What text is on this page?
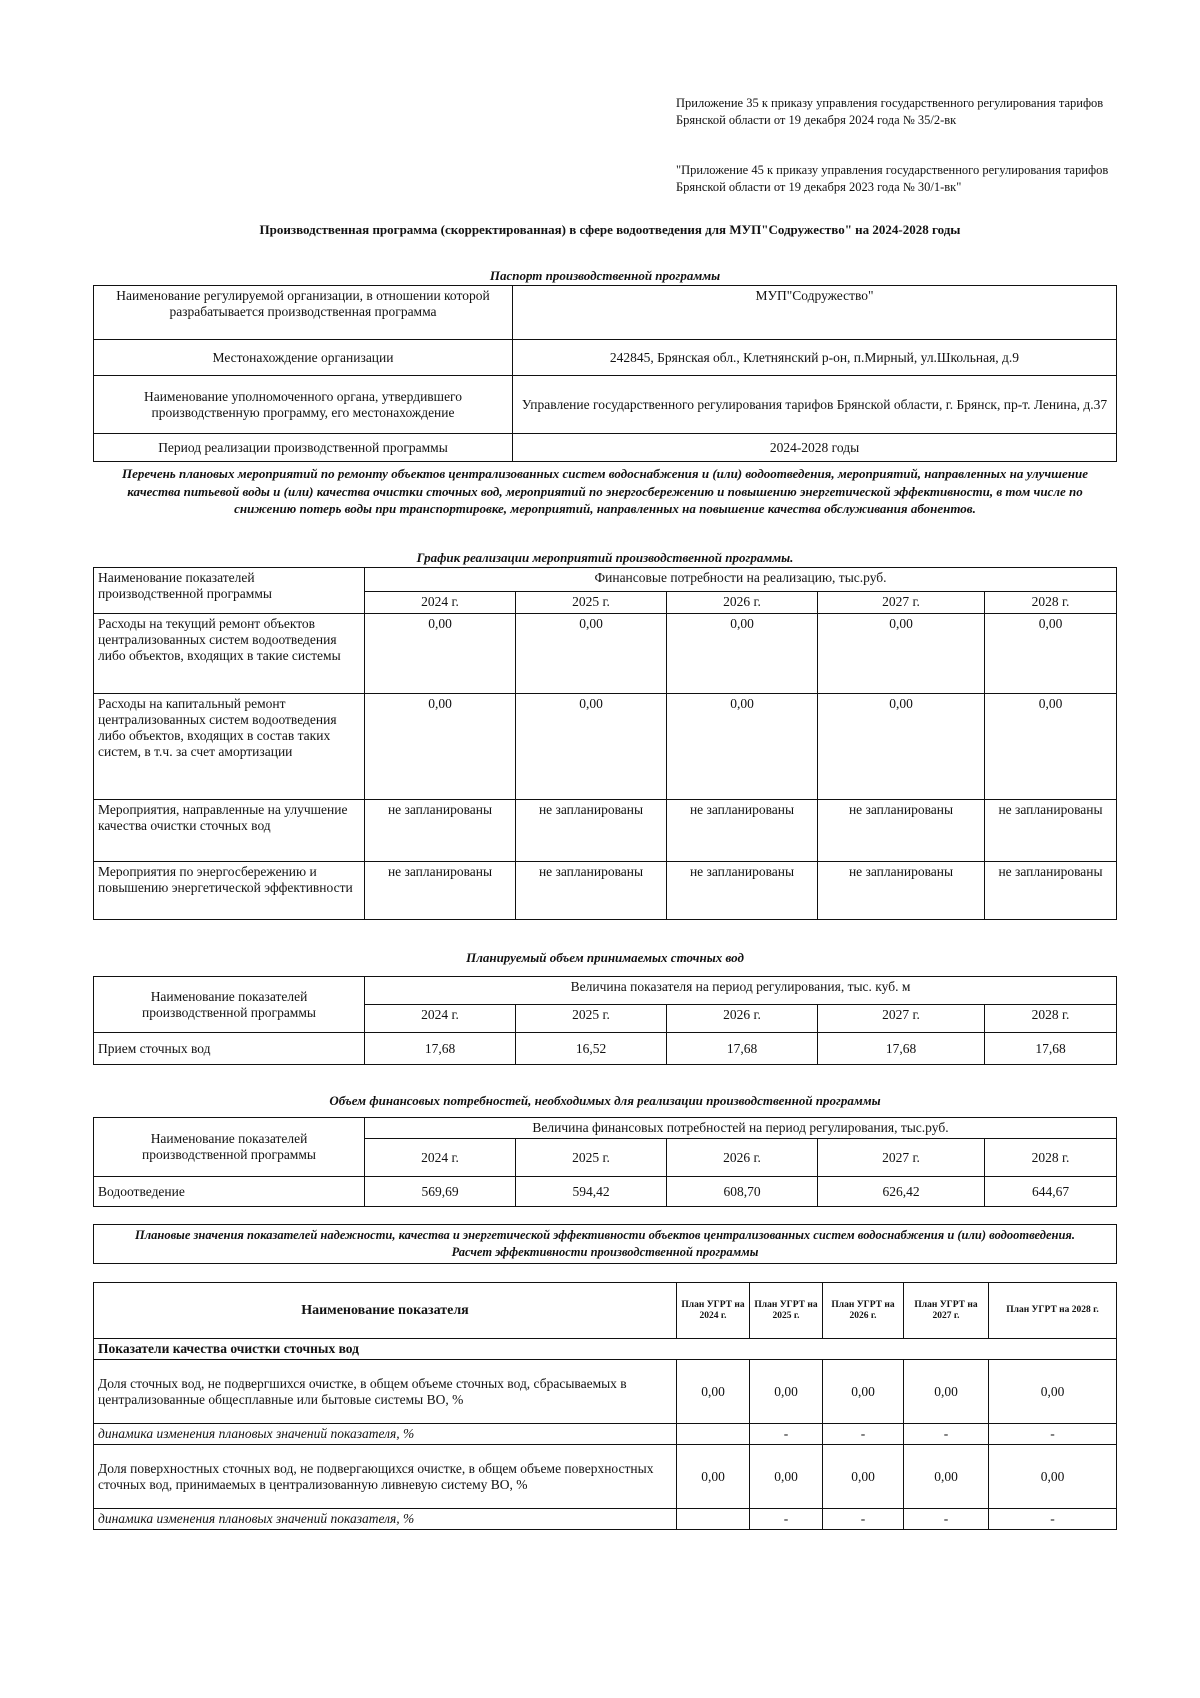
Приложение 35 к приказу управления государственного регулирования тарифов Брянской области от 19 декабря 2024 года № 35/2-вк
"Приложение 45 к приказу управления государственного регулирования тарифов Брянской области от 19 декабря 2023 года № 30/1-вк"
Производственная программа (скорректированная) в сфере водоотведения для МУП"Содружество" на 2024-2028 годы
Паспорт производственной программы
Наименование регулируемой организации, в отношении которой разрабатывается производственная программа	МУП"Содружество"
Местонахождение организации	242845, Брянская обл., Клетнянский р-он, п.Мирный, ул.Школьная, д.9
Наименование уполномоченного органа, утвердившего производственную программу, его местонахождение	Управление государственного регулирования тарифов Брянской области, г. Брянск, пр-т. Ленина, д.37
Период реализации производственной программы	2024-2028 годы
Перечень плановых мероприятий по ремонту объектов централизованных систем водоснабжения и (или) водоотведения, мероприятий, направленных на улучшение качества питьевой воды и (или) качества очистки сточных вод, мероприятий по энергосбережению и повышению энергетической эффективности, в том числе по снижению потерь воды при транспортировке, мероприятий, направленных на повышение качества обслуживания абонентов.
График реализации мероприятий производственной программы.
Наименование показателей производственной программы	Финансовые потребности на реализацию, тыс.руб.				
	2024 г.	2025 г.	2026 г.	2027 г.	2028 г.
Расходы на текущий ремонт объектов централизованных систем водоотведения либо объектов, входящих в такие системы	0,00	0,00	0,00	0,00	0,00
Расходы на капитальный ремонт централизованных систем водоотведения либо объектов, входящих в состав таких систем, в т.ч. за счет амортизации	0,00	0,00	0,00	0,00	0,00
Мероприятия, направленные на улучшение качества очистки сточных вод	не запланированы	не запланированы	не запланированы	не запланированы	не запланированы
Мероприятия по энергосбережению и повышению энергетической эффективности	не запланированы	не запланированы	не запланированы	не запланированы	не запланированы
Планируемый объем принимаемых сточных вод
Наименование показателей производственной программы	Величина показателя на период регулирования, тыс. куб. м				
	2024 г.	2025 г.	2026 г.	2027 г.	2028 г.
Прием сточных вод	17,68	16,52	17,68	17,68	17,68
Объем финансовых потребностей, необходимых для реализации производственной программы
Наименование показателей производственной программы	Величина финансовых потребностей на период регулирования, тыс.руб.				
	2024 г.	2025 г.	2026 г.	2027 г.	2028 г.
Водоотведение	569,69	594,42	608,70	626,42	644,67
Плановые значения показателей надежности, качества и энергетической эффективности объектов централизованных систем водоснабжения и (или) водоотведения.
Расчет эффективности производственной программы
Наименование показателя	План УГРТ на 2024 г.	План УГРТ на 2025 г.	План УГРТ на 2026 г.	План УГРТ на 2027 г.	План УГРТ на 2028 г.
Показатели качества очистки сточных вод					
Доля сточных вод, не подвергшихся очистке, в общем объеме сточных вод, сбрасываемых в централизованные общесплавные или бытовые системы ВО, %	0,00	0,00	0,00	0,00	0,00
динамика изменения плановых значений показателя, %		-	-	-	-
Доля поверхностных сточных вод, не подвергающихся очистке, в общем объеме поверхностных сточных вод, принимаемых в централизованную ливневую систему ВО, %	0,00	0,00	0,00	0,00	0,00
динамика изменения плановых значений показателя, %		-	-	-	-
